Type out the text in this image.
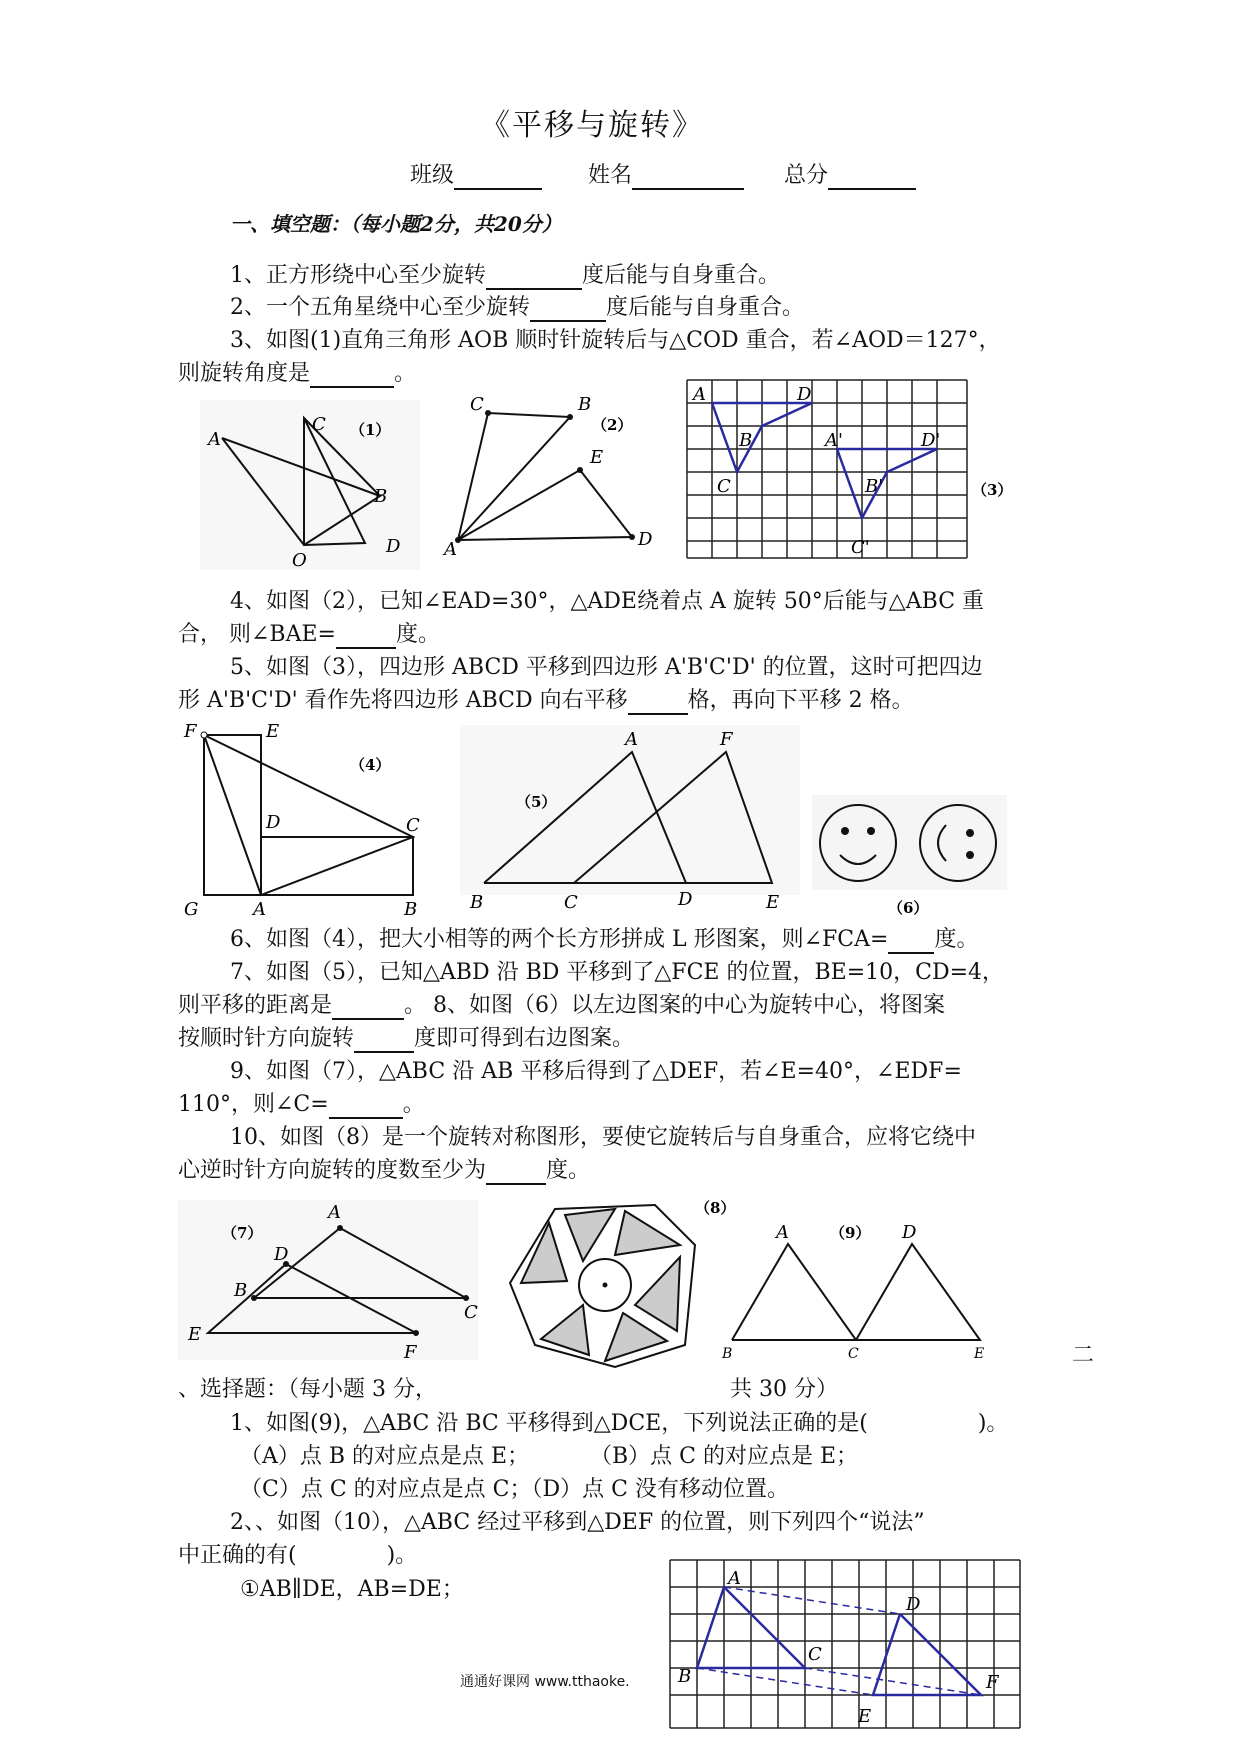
《平移与旋转》
班级	姓名	总分
一、填空题：（每小题2分，共20分）
1、正方形绕中心至少旋转	度后能与自身重合。
2、一个五角星绕中心至少旋转	度后能与自身重合。
3、如图(1)直角三角形 AOB 顺时针旋转后与△COD 重合，若∠AOD＝127°，
则旋转角度是	。
A
C （1）
B
O
D
C	B
（2）
E
A	D
A	D
B
C
A'	D'
B'
C'
（3）
4、如图（2），已知∠EAD=30°，△ADE绕着点 A 旋转 50°后能与△ABC 重
合， 则∠BAE=	度。
5、如图（3），四边形 ABCD 平移到四边形 A'B'C'D' 的位置，这时可把四边
形 A'B'C'D' 看作先将四边形 ABCD 向右平移	格，再向下平移 2 格。
F	E
（4）
D	C
G	A	B
A	F
（5）
B	C	D	E	（6）
6、如图（4），把大小相等的两个长方形拼成 L 形图案，则∠FCA= 度。
7、如图（5），已知△ABD 沿 BD 平移到了△FCE 的位置，BE=10，CD=4，
则平移的距离是	。 8、如图（6）以左边图案的中心为旋转中心，将图案
按顺时针方向旋转	度即可得到右边图案。
9、如图（7），△ABC 沿 AB 平移后得到了△DEF，若∠E=40°，∠EDF=
110°，则∠C=	。
10、如图（8）是一个旋转对称图形，要使它旋转后与自身重合，应将它绕中
心逆时针方向旋转的度数至少为	度。
（7）
A
D
B
C
E
F
（8）
A	（9） D
B	C	E	二
、选择题：（每小题 3 分，	共 30 分）
1、如图(9)，△ABC 沿 BC 平移得到△DCE，下列说法正确的是(	)。
（A）点 B 的对应点是点 E；	（B）点 C 的对应点是 E；
（C）点 C 的对应点是点 C；（D）点 C 没有移动位置。
2、、如图（10），△ABC 经过平移到△DEF 的位置，则下列四个“说法”
中正确的有(	)。
①AB∥DE，AB=DE；	A
D
C
B	F
E
通通好课网 www.tthaoke.
